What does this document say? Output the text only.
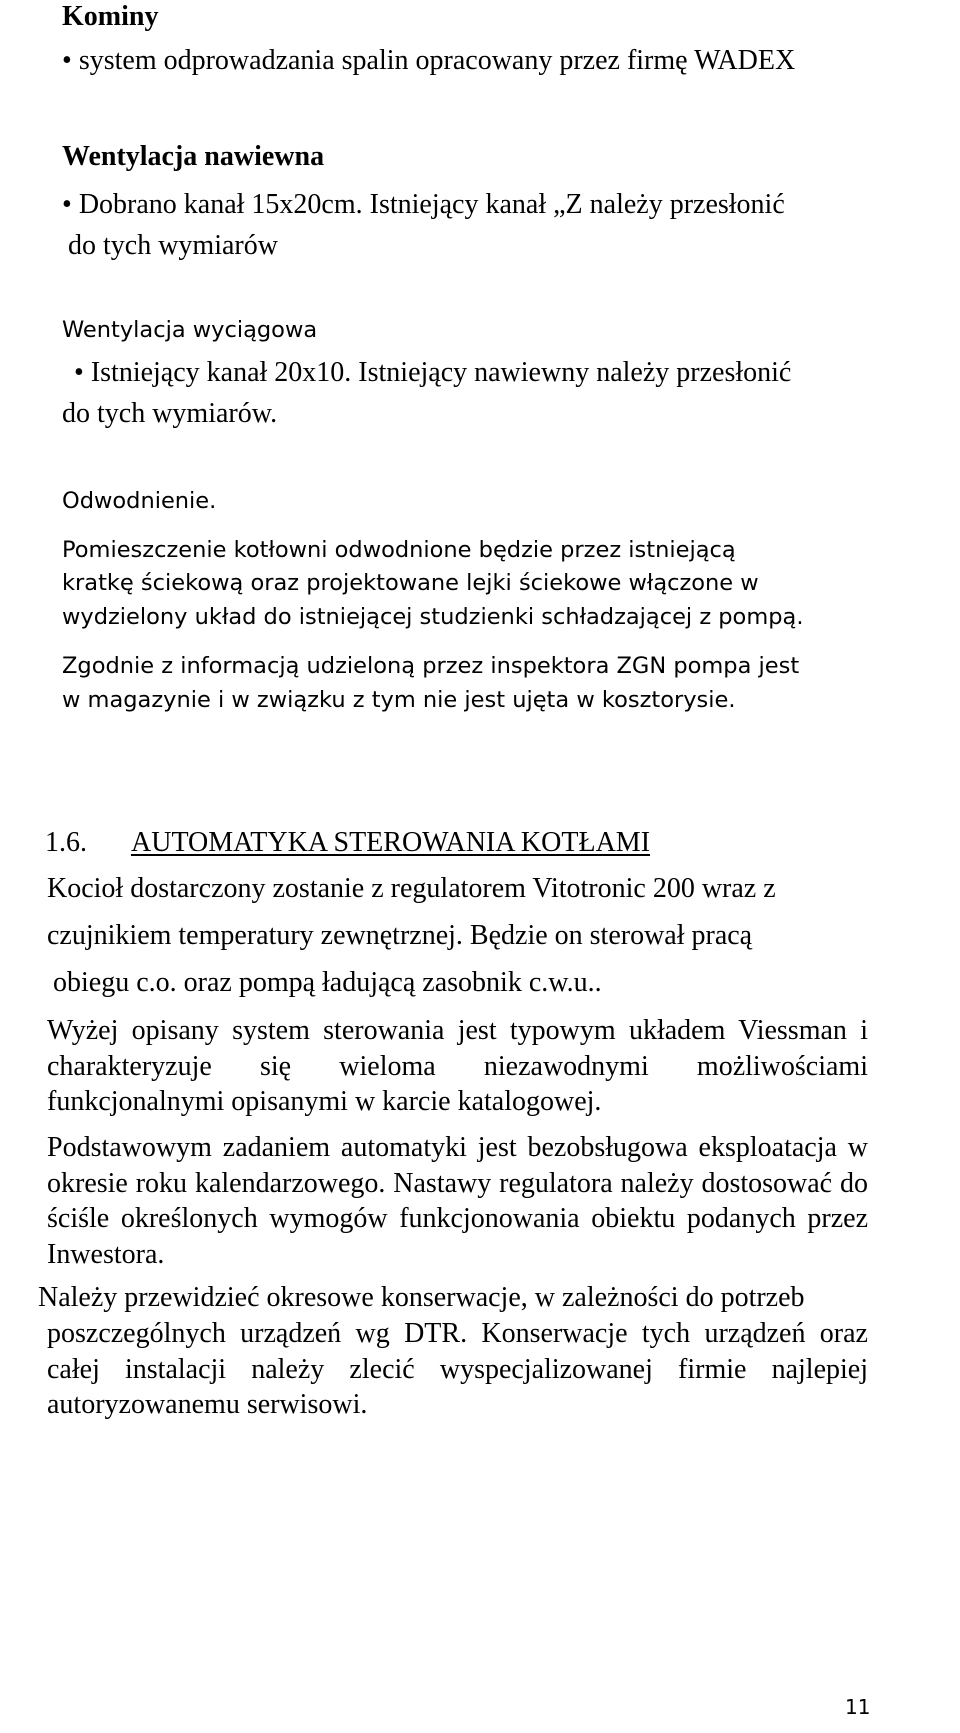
Kominy
• system odprowadzania spalin opracowany przez firmę WADEX
Wentylacja nawiewna
• Dobrano kanał 15x20cm. Istniejący kanał „Z należy przesłonić
do tych wymiarów
Wentylacja wyciągowa
• Istniejący kanał 20x10. Istniejący nawiewny należy przesłonić
do tych wymiarów.
Odwodnienie.
Pomieszczenie kotłowni odwodnione będzie przez istniejącą
kratkę ściekową oraz projektowane lejki ściekowe włączone w
wydzielony układ do istniejącej studzienki schładzającej z pompą.
Zgodnie z informacją udzieloną przez inspektora ZGN pompa jest
w magazynie i w związku z tym nie jest ujęta w kosztorysie.
1.6. AUTOMATYKA STEROWANIA KOTŁAMI
Kocioł dostarczony zostanie z regulatorem Vitotronic 200 wraz z
czujnikiem temperatury zewnętrznej. Będzie on sterował pracą
obiegu c.o. oraz pompą ładującą zasobnik c.w.u..
Wyżej opisany system sterowania jest typowym układem Viessman i charakteryzuje się wieloma niezawodnymi możliwościami funkcjonalnymi opisanymi w karcie katalogowej.
Podstawowym zadaniem automatyki jest bezobsługowa eksploatacja w okresie roku kalendarzowego. Nastawy regulatora należy dostosować do ściśle określonych wymogów funkcjonowania obiektu podanych przez Inwestora.
Należy przewidzieć okresowe konserwacje, w zależności do potrzeb
poszczególnych urządzeń wg DTR. Konserwacje tych urządzeń oraz całej instalacji należy zlecić wyspecjalizowanej firmie najlepiej autoryzowanemu serwisowi.
11
